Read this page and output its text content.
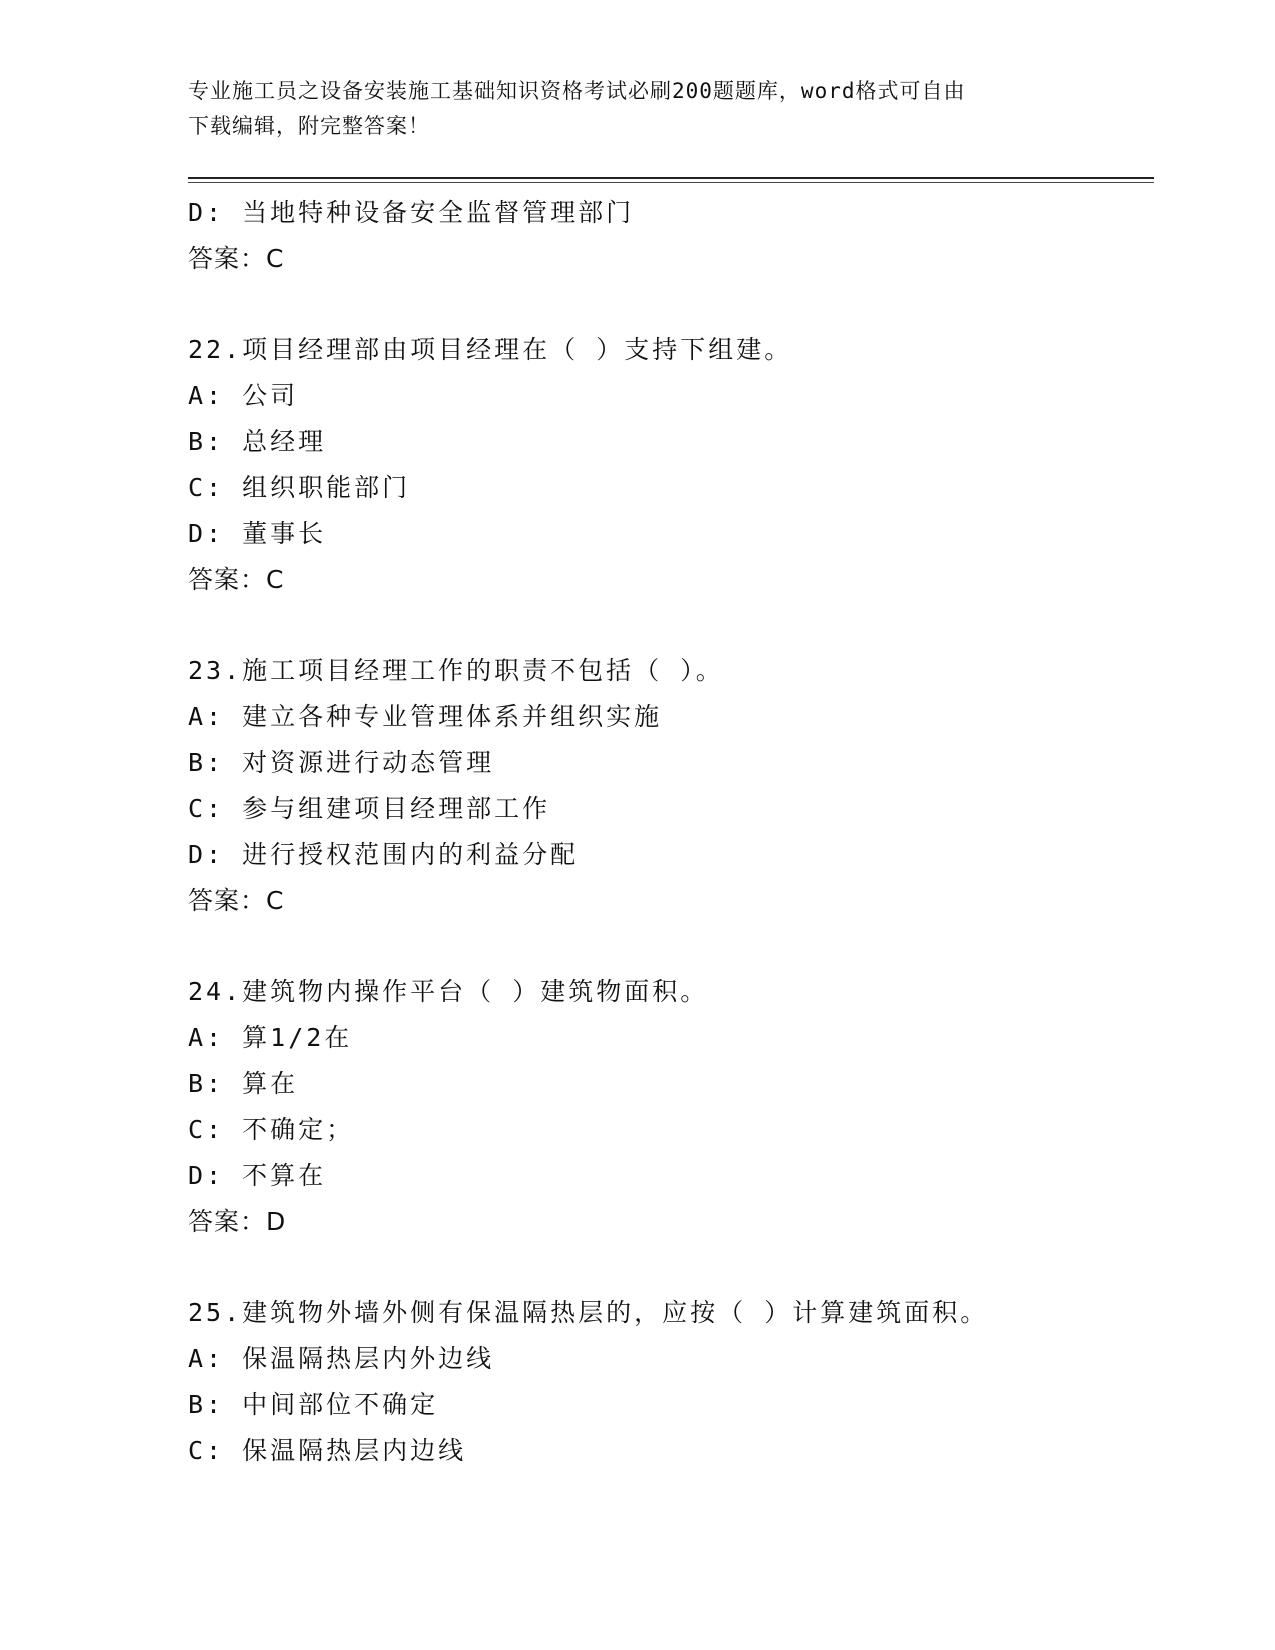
专业施工员之设备安装施工基础知识资格考试必刷200题题库，word格式可自由
下载编辑，附完整答案！
D: 当地特种设备安全监督管理部门
答案：C
22.项目经理部由项目经理在（ ）支持下组建。
A: 公司
B: 总经理
C: 组织职能部门
D: 董事长
答案：C
23.施工项目经理工作的职责不包括（ ）。
A: 建立各种专业管理体系并组织实施
B: 对资源进行动态管理
C: 参与组建项目经理部工作
D: 进行授权范围内的利益分配
答案：C
24.建筑物内操作平台（ ）建筑物面积。
A: 算1/2在
B: 算在
C: 不确定；
D: 不算在
答案：D
25.建筑物外墙外侧有保温隔热层的，应按（ ）计算建筑面积。
A: 保温隔热层内外边线
B: 中间部位不确定
C: 保温隔热层内边线
